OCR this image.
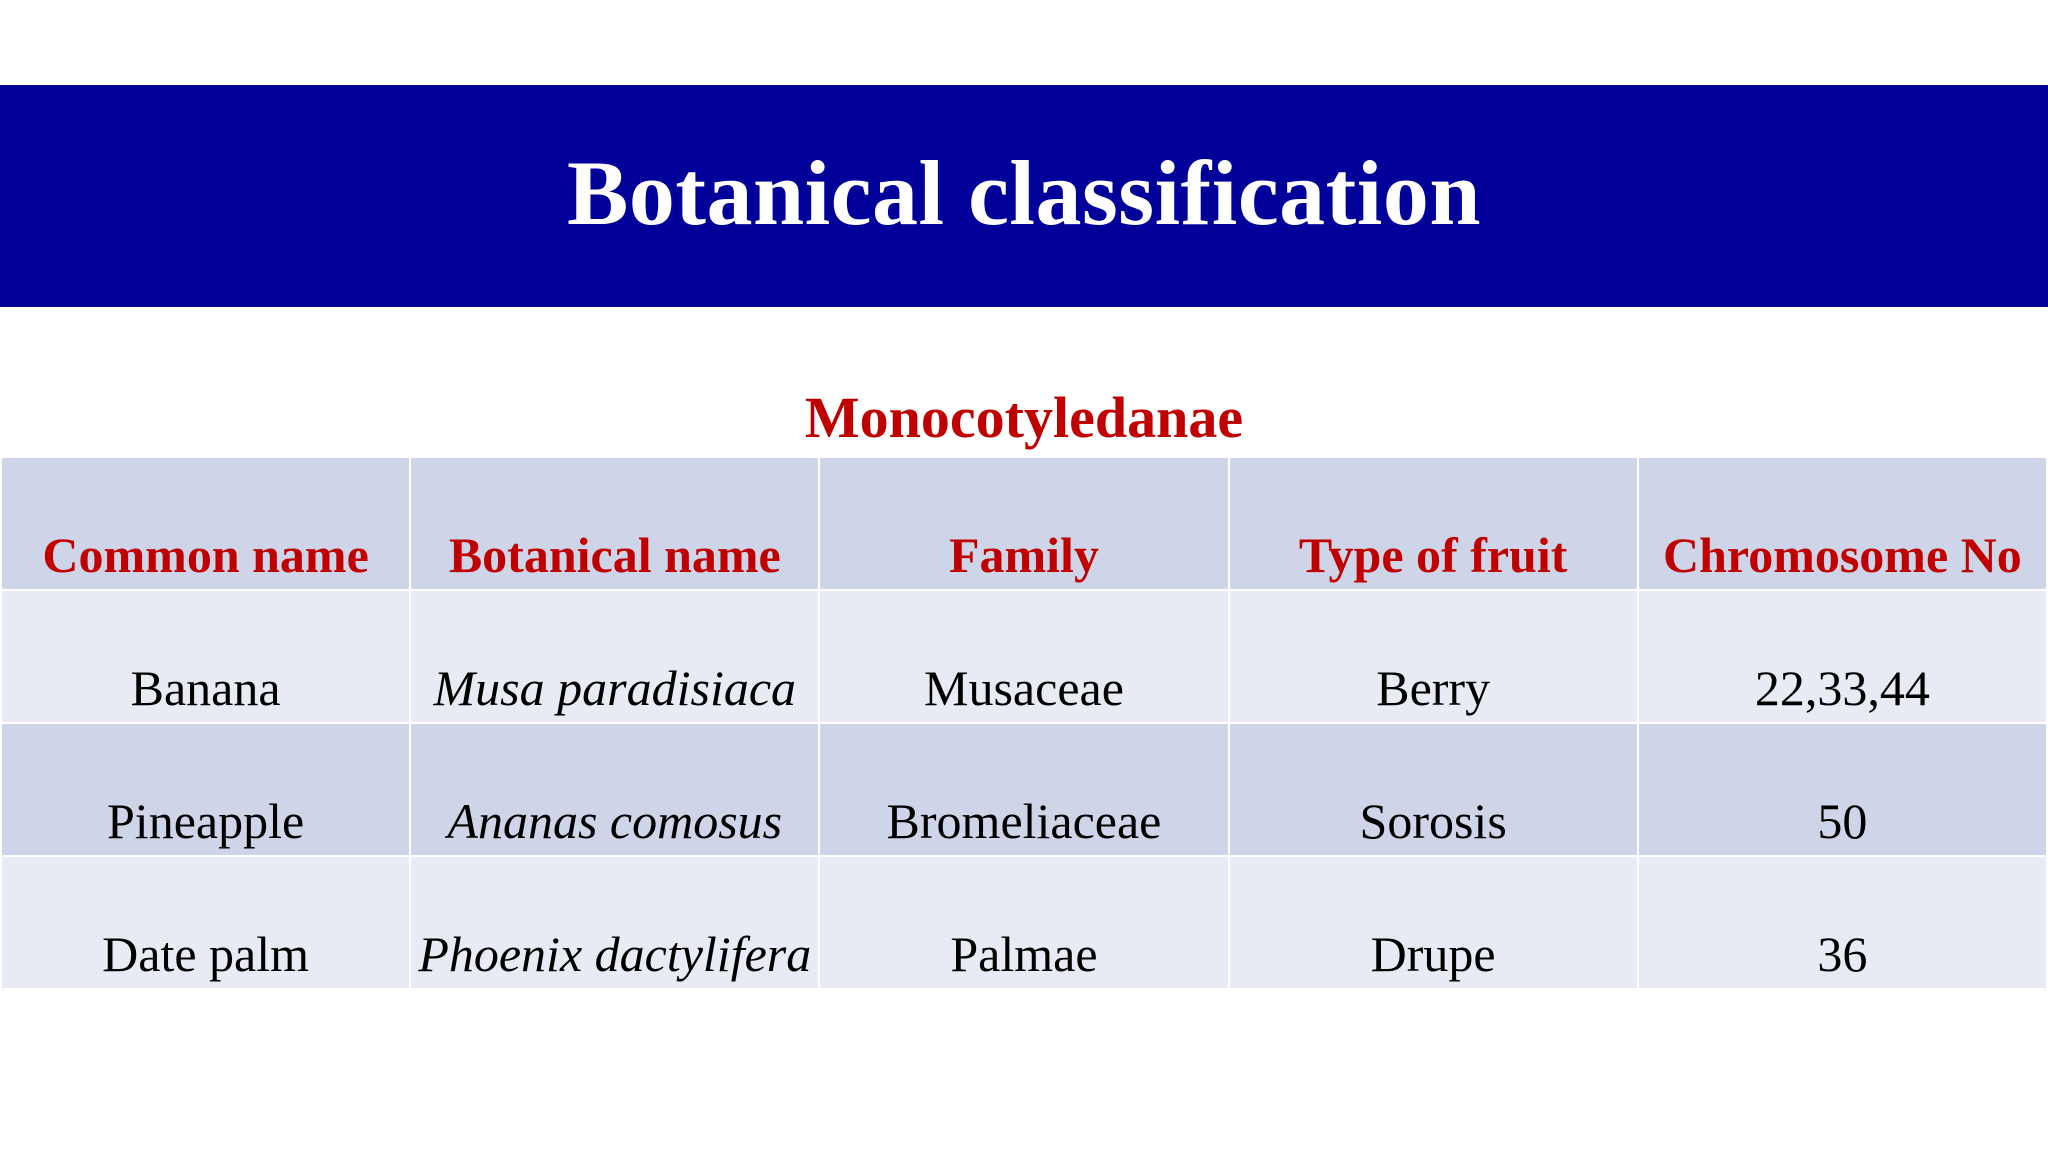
Botanical classification
Monocotyledanae
Common name	Botanical name	Family	Type of fruit	Chromosome No
Banana	Musa paradisiaca	Musaceae	Berry	22,33,44
Pineapple	Ananas comosus	Bromeliaceae	Sorosis	50
Date palm	Phoenix dactylifera	Palmae	Drupe	36
